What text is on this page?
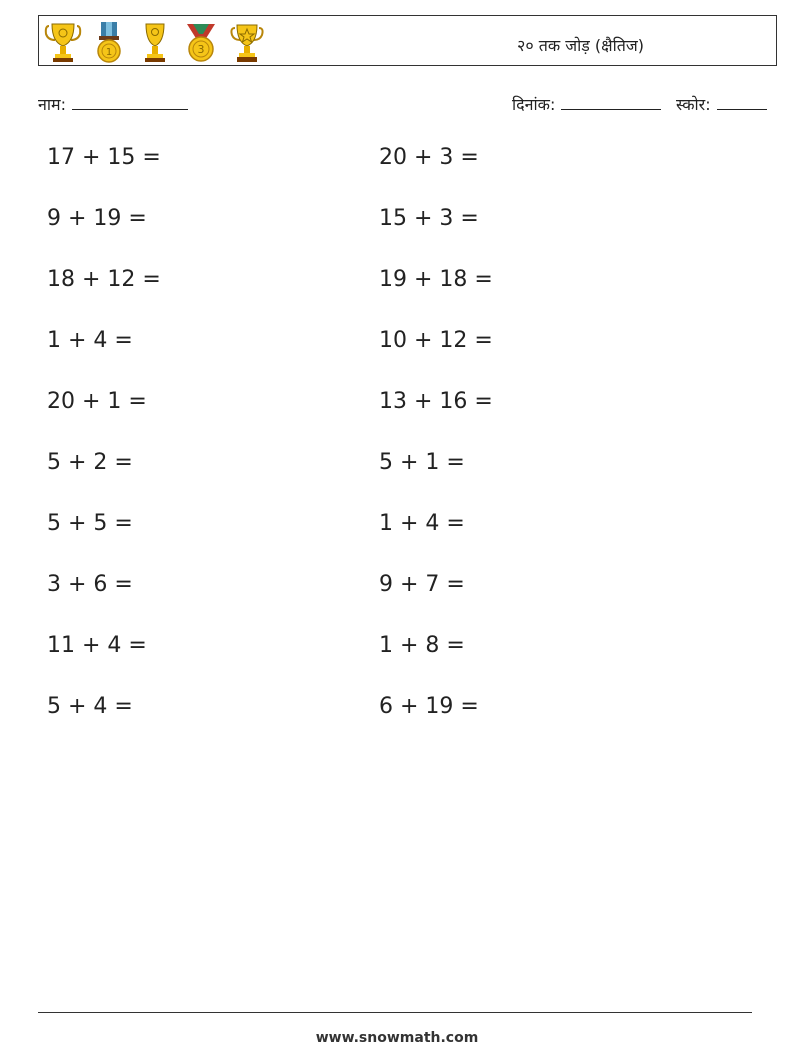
1	3	२० तक जोड़ (क्षैतिज)
नाम:	दिनांक:	स्कोर:
17 + 15 =
9 + 19 =
18 + 12 =
1 + 4 =
20 + 1 =
5 + 2 =
5 + 5 =
3 + 6 =
11 + 4 =
5 + 4 =
20 + 3 =
15 + 3 =
19 + 18 =
10 + 12 =
13 + 16 =
5 + 1 =
1 + 4 =
9 + 7 =
1 + 8 =
6 + 19 =
www.snowmath.com
